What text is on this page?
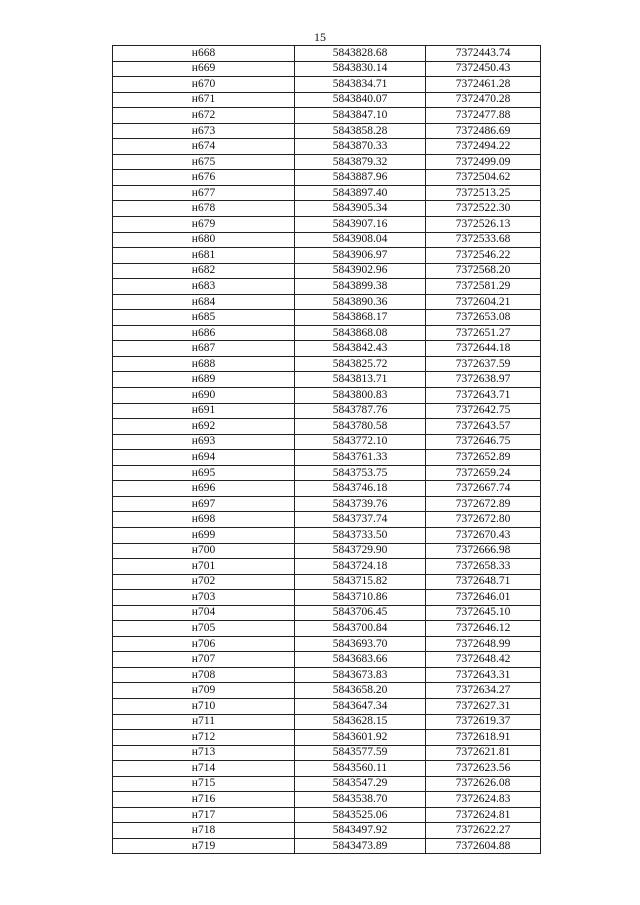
15
н668	5843828.68	7372443.74
н669	5843830.14	7372450.43
н670	5843834.71	7372461.28
н671	5843840.07	7372470.28
н672	5843847.10	7372477.88
н673	5843858.28	7372486.69
н674	5843870.33	7372494.22
н675	5843879.32	7372499.09
н676	5843887.96	7372504.62
н677	5843897.40	7372513.25
н678	5843905.34	7372522.30
н679	5843907.16	7372526.13
н680	5843908.04	7372533.68
н681	5843906.97	7372546.22
н682	5843902.96	7372568.20
н683	5843899.38	7372581.29
н684	5843890.36	7372604.21
н685	5843868.17	7372653.08
н686	5843868.08	7372651.27
н687	5843842.43	7372644.18
н688	5843825.72	7372637.59
н689	5843813.71	7372638.97
н690	5843800.83	7372643.71
н691	5843787.76	7372642.75
н692	5843780.58	7372643.57
н693	5843772.10	7372646.75
н694	5843761.33	7372652.89
н695	5843753.75	7372659.24
н696	5843746.18	7372667.74
н697	5843739.76	7372672.89
н698	5843737.74	7372672.80
н699	5843733.50	7372670.43
н700	5843729.90	7372666.98
н701	5843724.18	7372658.33
н702	5843715.82	7372648.71
н703	5843710.86	7372646.01
н704	5843706.45	7372645.10
н705	5843700.84	7372646.12
н706	5843693.70	7372648.99
н707	5843683.66	7372648.42
н708	5843673.83	7372643.31
н709	5843658.20	7372634.27
н710	5843647.34	7372627.31
н711	5843628.15	7372619.37
н712	5843601.92	7372618.91
н713	5843577.59	7372621.81
н714	5843560.11	7372623.56
н715	5843547.29	7372626.08
н716	5843538.70	7372624.83
н717	5843525.06	7372624.81
н718	5843497.92	7372622.27
н719	5843473.89	7372604.88
